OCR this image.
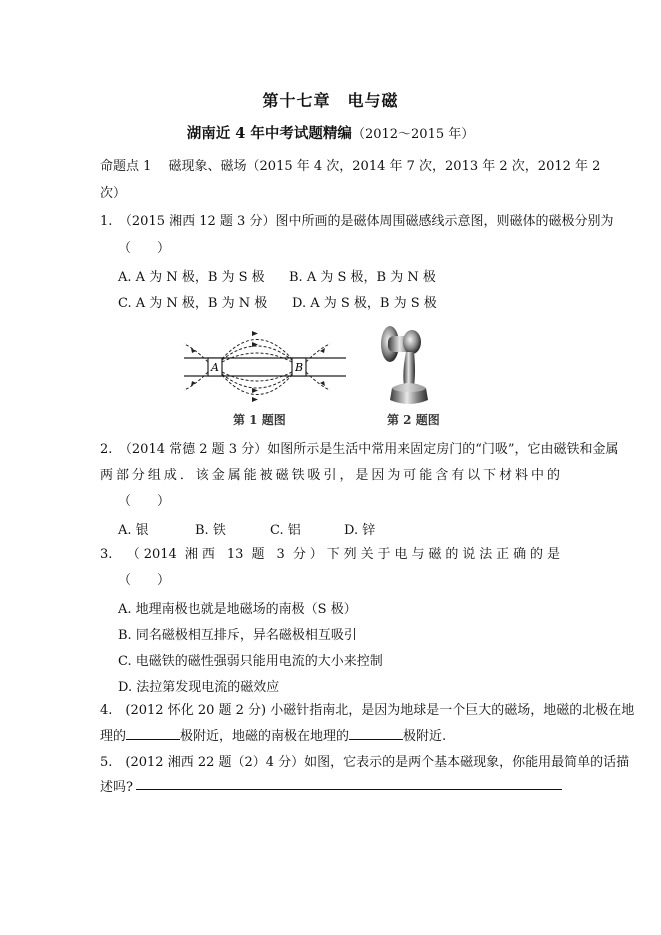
第十七章　电与磁
湖南近 4 年中考试题精编（2012～2015 年）
命题点 1　 磁现象、磁场（2015 年 4 次，2014 年 7 次，2013 年 2 次，2012 年 2
次）
1.　（2015 湘西 12 题 3 分）图中所画的是磁体周围磁感线示意图，则磁体的磁极分别为
（　　）
A. A 为 N 极，B 为 S 极 B. A 为 S 极，B 为 N 极
C. A 为 N 极，B 为 N 极 D. A 为 S 极，B 为 S 极
A	B
第 1 题图	第 2 题图
2.　（2014 常德 2 题 3 分）如图所示是生活中常用来固定房门的“门吸”，它由磁铁和金属
两部分组成．该金属能被磁铁吸引，是因为可能含有以下材料中的
（　　）
A. 银	B. 铁	C. 铝	D. 锌
3.　（2014 湘西 13 题 3 分）下列关于电与磁的说法正确的是
（　　）
A. 地理南极也就是地磁场的南极（S 极）
B. 同名磁极相互排斥，异名磁极相互吸引
C. 电磁铁的磁性强弱只能用电流的大小来控制
D. 法拉第发现电流的磁效应
4.　(2012 怀化 20 题 2 分) 小磁针指南北，是因为地球是一个巨大的磁场，地磁的北极在地
理的	极附近，地磁的南极在地理的	极附近.
5.　(2012 湘西 22 题（2）4 分）如图，它表示的是两个基本磁现象，你能用最简单的话描
述吗?
